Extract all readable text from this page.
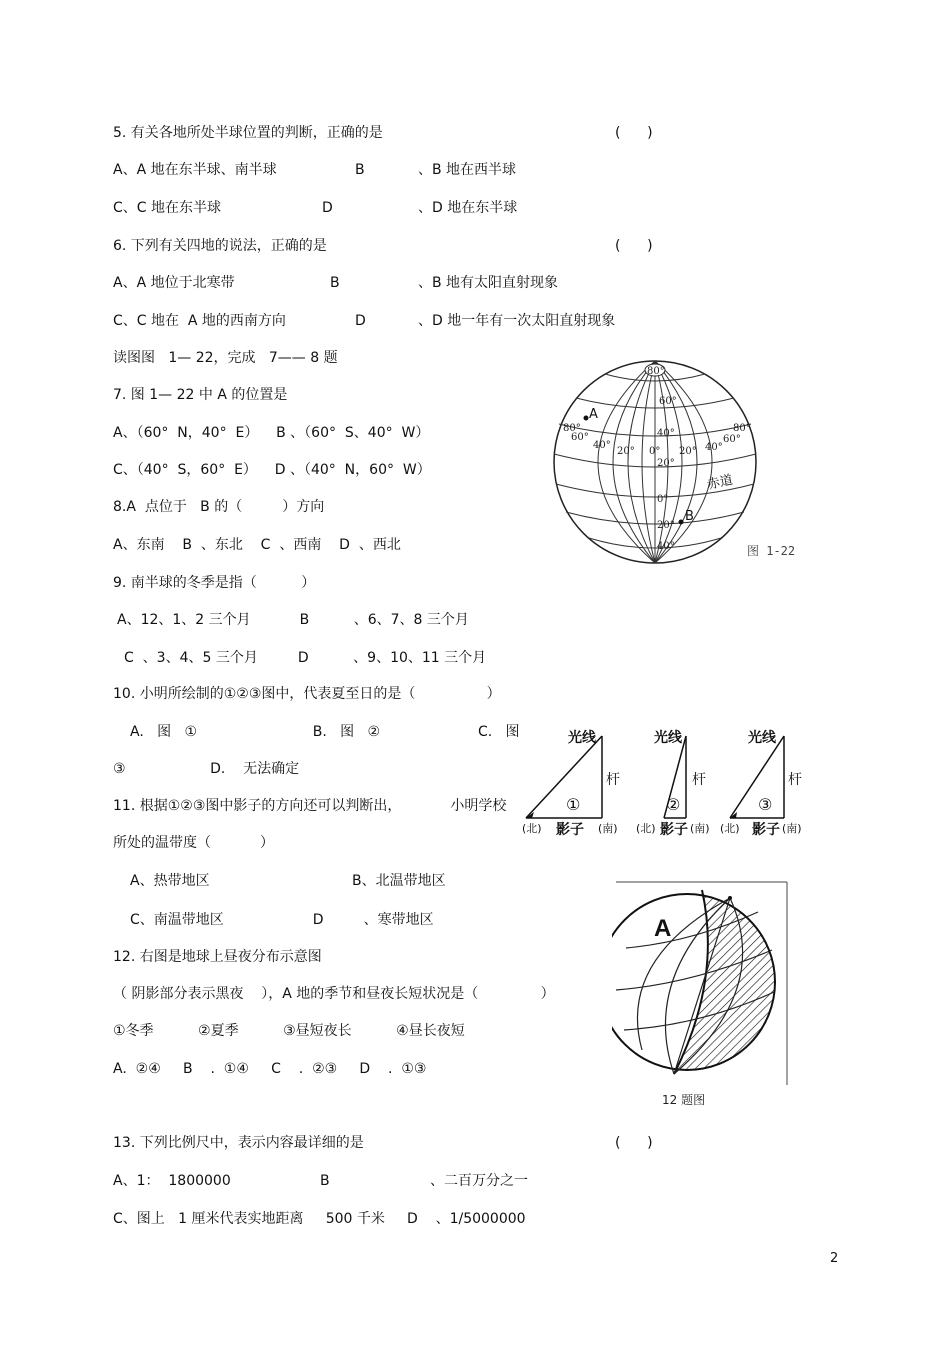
5. 有关各地所处半球位置的判断，正确的是	(      )
A、A 地在东半球、南半球	B	、B 地在西半球
C、C 地在东半球	D	、D 地在东半球
6. 下列有关四地的说法，正确的是	(      )
A、A 地位于北寒带	B	、B 地有太阳直射现象
C、C 地在  A 地的西南方向	D	、D 地一年有一次太阳直射现象
读图图   1— 22，完成   7—— 8 题
7. 图 1— 22 中 A 的位置是
A、（60°  N，40°  E）    B 、（60°  S、40°  W）
C、（40°  S，60°  E）    D 、（40°  N，60°  W）
8.A  点位于   B 的（         ）方向
A、东南    B  、东北    C  、西南    D  、西北
9. 南半球的冬季是指（          ）
A、12、1、2 三个月           B          、6、7、8 三个月
C  、3、4、5 三个月         D          、9、10、11 三个月
10. 小明所绘制的①②③图中，代表夏至日的是（                ）
A.   图   ①                          B.   图   ②                      C.   图
③                   D.    无法确定
11. 根据①②③图中影子的方向还可以判断出，           小明学校
所处的温带度（           ）
A、热带地区                                B、北温带地区
C、南温带地区                    D         、寒带地区
12. 右图是地球上昼夜分布示意图
（ 阴影部分表示黑夜    ），A 地的季节和昼夜长短状况是（              ）
①冬季          ②夏季          ③昼短夜长          ④昼长夜短
A.  ②④     B    .  ①④     C    .  ②③     D    .  ①③
13. 下列比例尺中，表示内容最详细的是	(      )
A、1：  1800000	B	、二百万分之一
C、图上   1 厘米代表实地距离     500 千米 D    、1/5000000
80°
60°
40°
20°
0°
20°
40°
80°
60°
40°
20° 0° 20° 40°
60°
80°
A
B
赤道
图 1-22
光线
杆
①
(北) 影子 (南)
光线
杆
②
(北) 影子 (南)
光线
杆
③
(北) 影子 (南)
A
12 题图
2
